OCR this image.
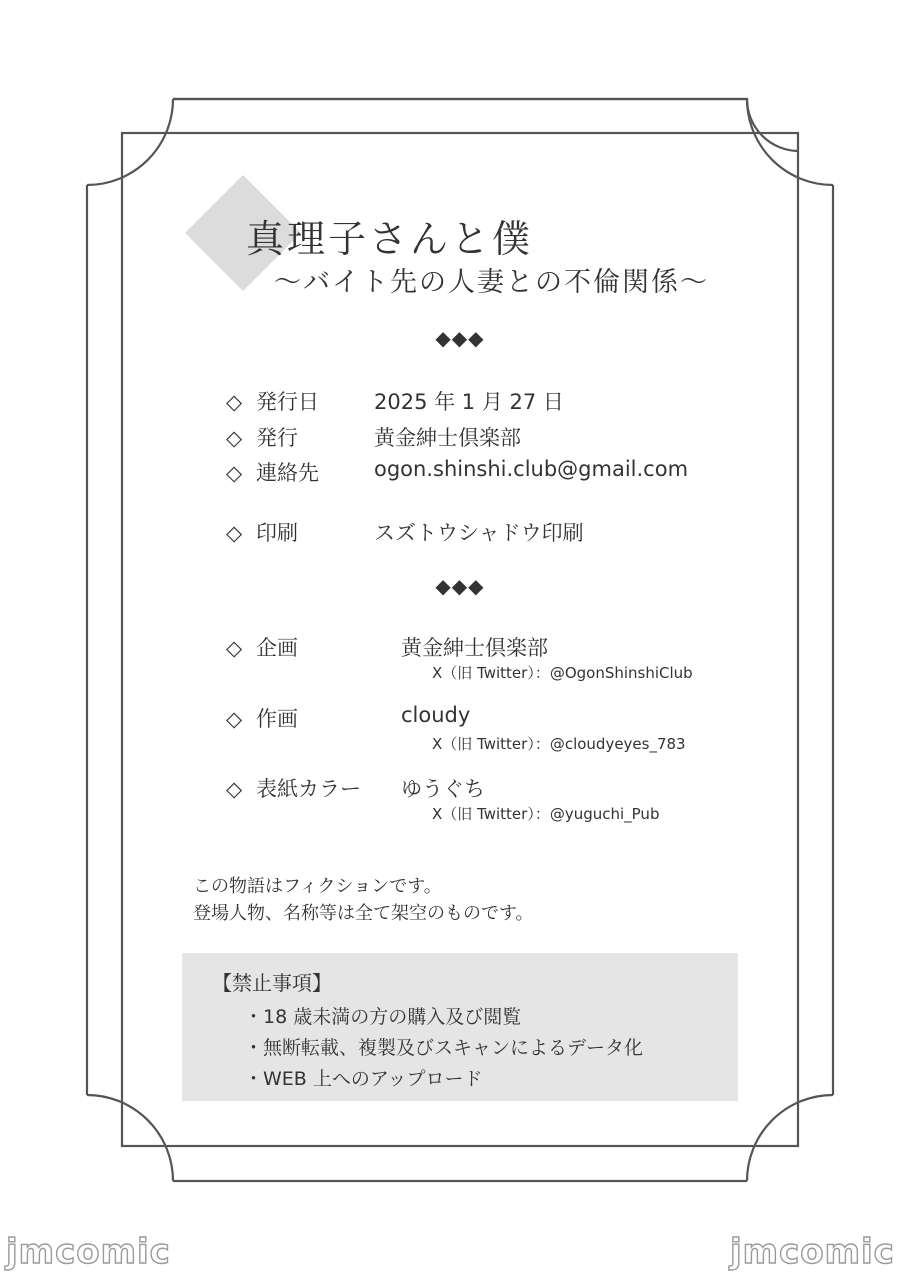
真理子さんと僕
〜バイト先の人妻との不倫関係〜
◆◆◆
◇ 発行日	2025 年 1 月 27 日
◇ 発行	黄金紳士倶楽部
◇ 連絡先	ogon.shinshi.club@gmail.com
◇ 印刷	スズトウシャドウ印刷
◆◆◆
◇ 企画	黄金紳士倶楽部
X（旧 Twitter）：@OgonShinshiClub
◇ 作画	cloudy
X（旧 Twitter）：@cloudyeyes_783
◇ 表紙カラー ゆうぐち
X（旧 Twitter）：@yuguchi_Pub
この物語はフィクションです。
登場人物、名称等は全て架空のものです。
【禁止事項】
・18 歳未満の方の購入及び閲覧
・無断転載、複製及びスキャンによるデータ化
・WEB 上へのアップロード
jmcomic	jmcomic
